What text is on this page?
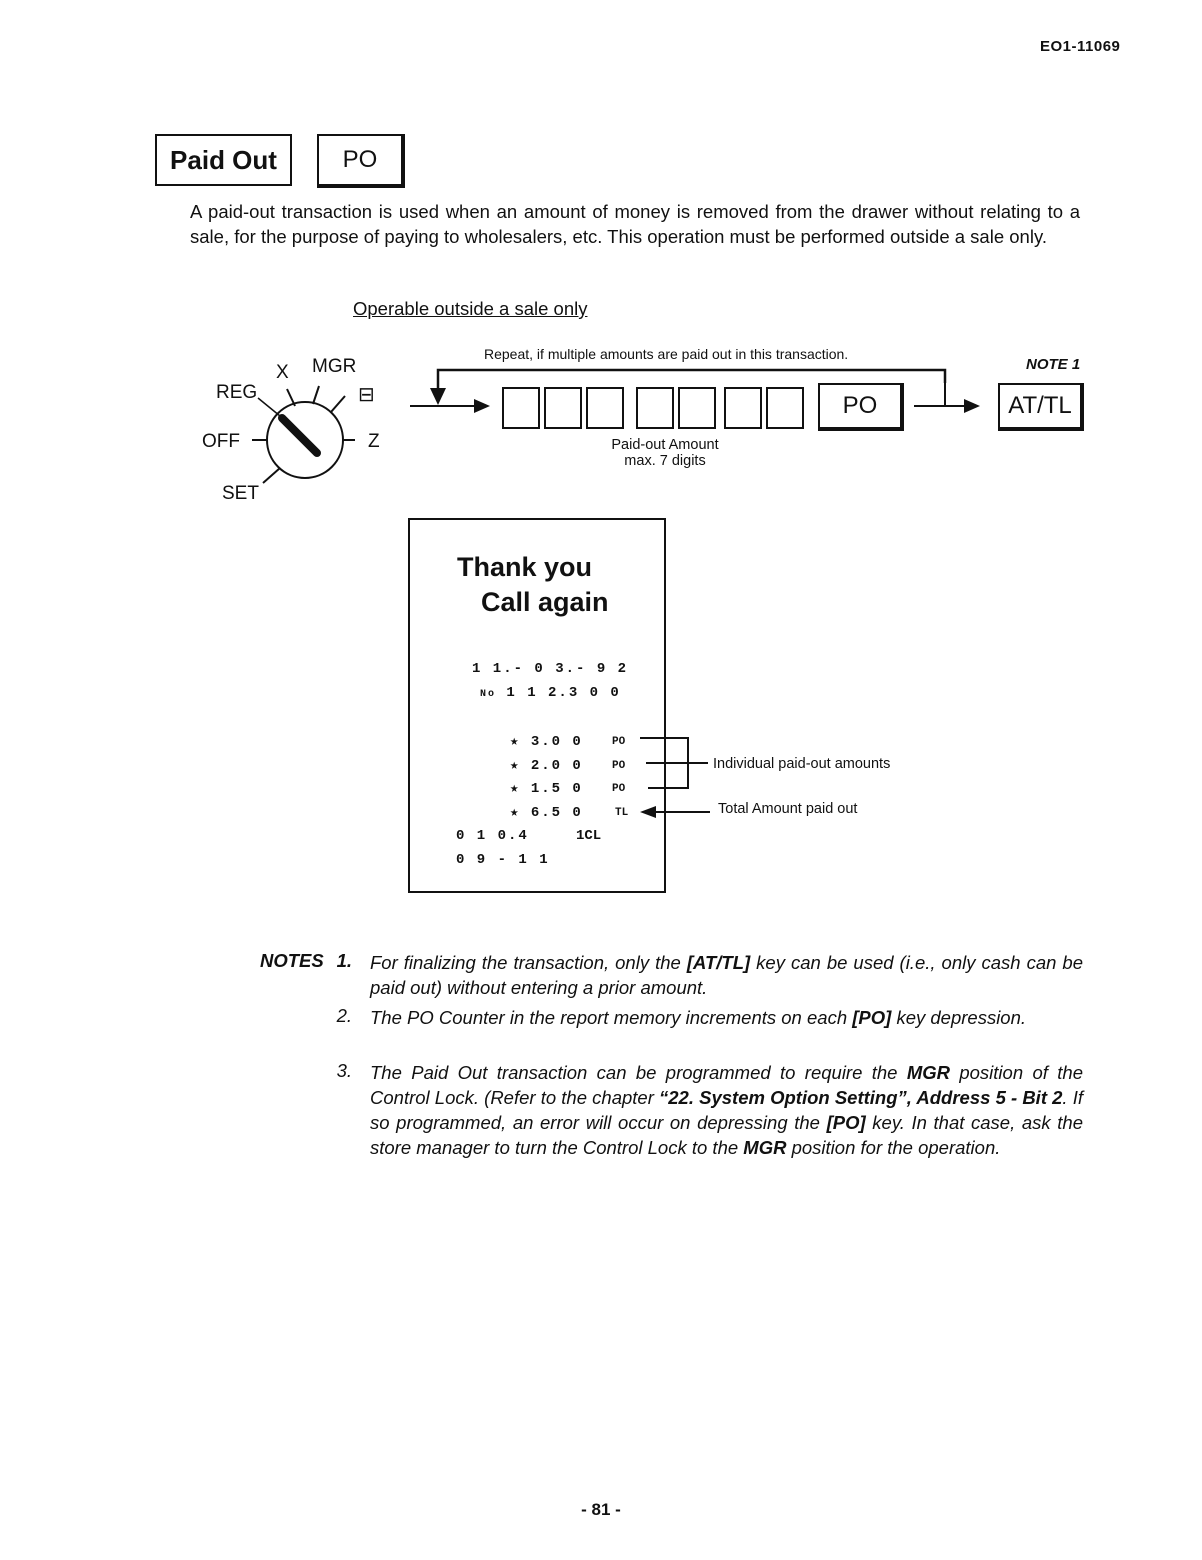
EO1-11069
Paid Out	PO
A paid-out transaction is used when an amount of money is removed from the drawer without relating to a sale, for the purpose of paying to wholesalers, etc. This operation must be performed outside a sale only.
Operable outside a sale only
X MGR
REG	⊟
OFF	Z
SET
Repeat, if multiple amounts are paid out in this transaction.
NOTE 1
PO	AT/TL
Paid-out Amount
max. 7 digits
Thank you
Call again
1 1.- 0 3.- 9 2
No 1 1 2.3 0 0
★ 3.0 0	PO
★ 2.0 0	PO
★ 1.5 0	PO
★ 6.5 0	TL
0 1 0.4	1CL
0 9 - 1 1
Individual paid-out amounts
Total Amount paid out
NOTES 1. For finalizing the transaction, only the [AT/TL] key can be used (i.e., only cash can be paid out) without entering a prior amount.
2. The PO Counter in the report memory increments on each [PO] key depression.
3. The Paid Out transaction can be programmed to require the MGR position of the Control Lock. (Refer to the chapter “22. System Option Setting”, Address 5 - Bit 2. If so programmed, an error will occur on depressing the [PO] key. In that case, ask the store manager to turn the Control Lock to the MGR position for the operation.
- 81 -
